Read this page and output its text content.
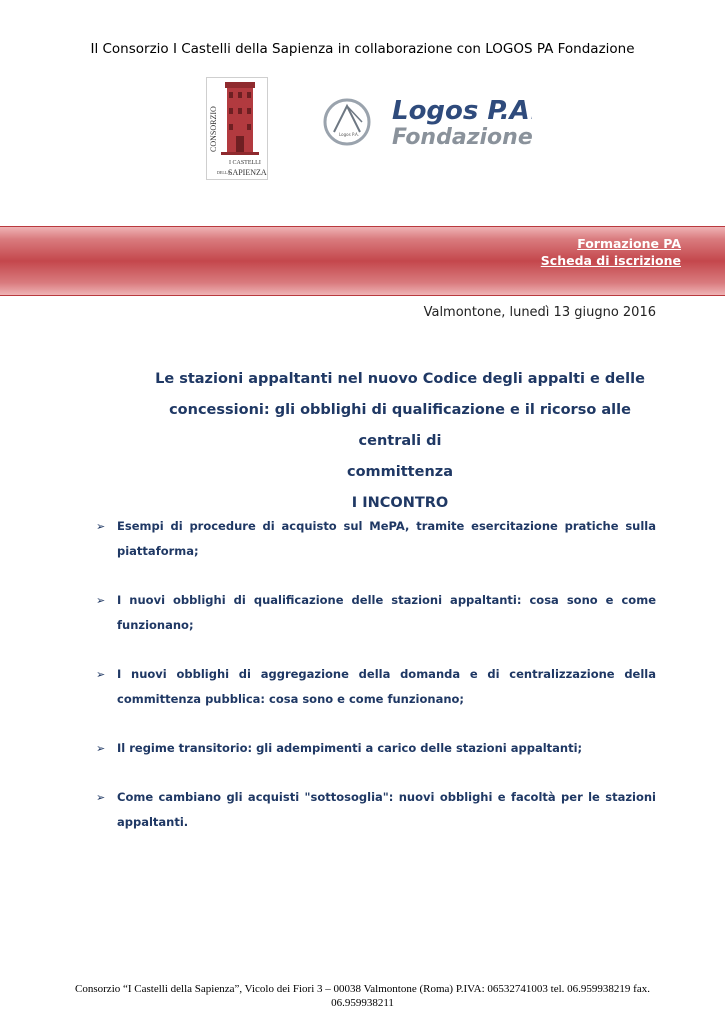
Il Consorzio I Castelli della Sapienza in collaborazione con LOGOS PA Fondazione
CONSORZIO
I CASTELLI
DELLA
SAPIENZA
Logos P.A.
Logos P.A.
Fondazione
Formazione PA
Scheda di iscrizione
Valmontone, lunedì 13 giugno 2016
Le stazioni appaltanti nel nuovo Codice degli appalti e delle
concessioni: gli obblighi di qualificazione e il ricorso alle centrali di
committenza
I INCONTRO
➢ Esempi di procedure di acquisto sul MePA, tramite esercitazione pratiche sulla piattaforma;
➢ I nuovi obblighi di qualificazione delle stazioni appaltanti: cosa sono e come funzionano;
➢ I nuovi obblighi di aggregazione della domanda e di centralizzazione della committenza pubblica: cosa sono e come funzionano;
➢ Il regime transitorio: gli adempimenti a carico delle stazioni appaltanti;
➢ Come cambiano gli acquisti "sottosoglia": nuovi obblighi e facoltà per le stazioni appaltanti.
Consorzio “I Castelli della Sapienza”, Vicolo dei Fiori 3 – 00038 Valmontone (Roma) P.IVA: 06532741003 tel. 06.959938219 fax.
06.959938211
